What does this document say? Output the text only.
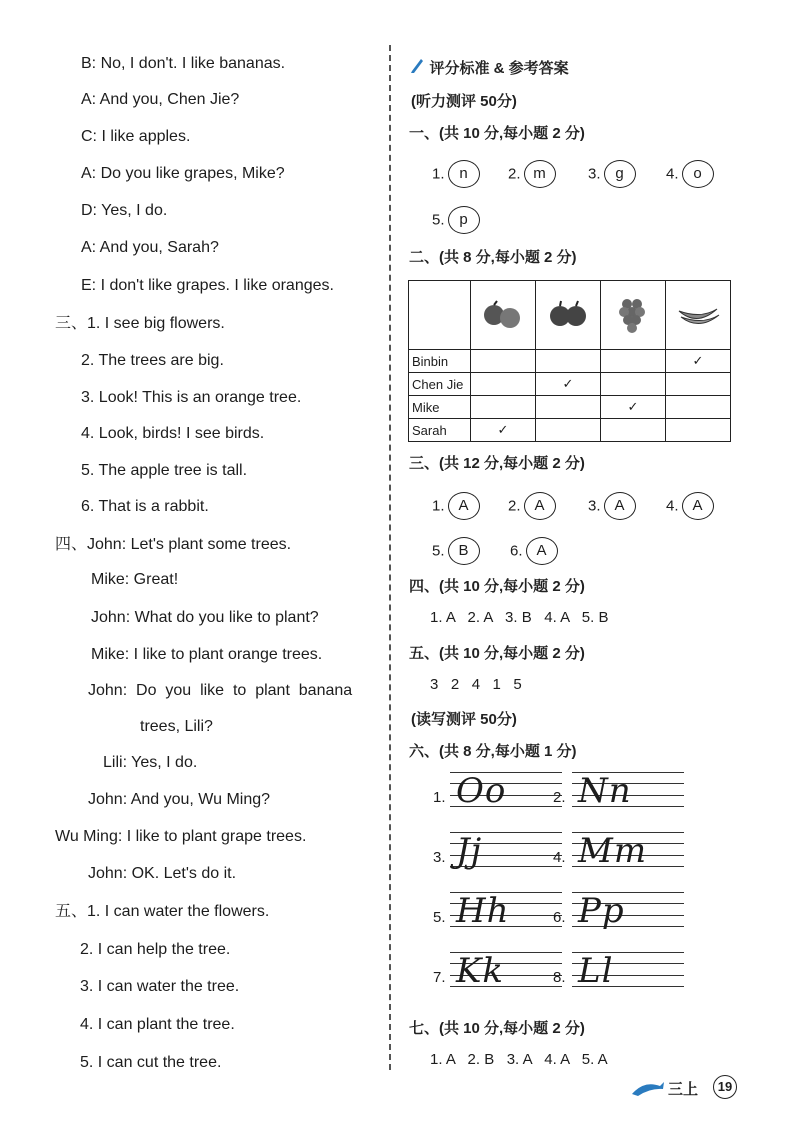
B: No, I don't. I like bananas.
A: And you, Chen Jie?
C: I like apples.
A: Do you like grapes, Mike?
D: Yes, I do.
A: And you, Sarah?
E: I don't like grapes. I like oranges.
三、1. I see big flowers.
2. The trees are big.
3. Look! This is an orange tree.
4. Look, birds! I see birds.
5. The apple tree is tall.
6. That is a rabbit.
四、John: Let's plant some trees.
Mike: Great!
John: What do you like to plant?
Mike: I like to plant orange trees.
John:  Do  you  like  to  plant  banana
trees, Lili?
Lili: Yes, I do.
John: And you, Wu Ming?
Wu Ming: I like to plant grape trees.
John: OK. Let's do it.
五、1. I can water the flowers.
2. I can help the tree.
3. I can water the tree.
4. I can plant the tree.
5. I can cut the tree.
评分标准 & 参考答案
(听力测评 50分)
一、(共 10 分,每小题 2 分)
1. n	2. m	3. g	4. o
5. p
二、(共 8 分,每小题 2 分)

Binbin				✓
Chen Jie		✓		
Mike			✓	
Sarah	✓			
三、(共 12 分,每小题 2 分)
1. A	2. A	3. A	4. A
5. B	6. A
四、(共 10 分,每小题 2 分)
1. A   2. A   3. B   4. A   5. B
五、(共 10 分,每小题 2 分)
3   2   4   1   5
(读写测评 50分)
六、(共 8 分,每小题 1 分)
1. Oo	2. Nn
3. Jj	4. Mm
5. Hh	6. Pp
7. Kk	8. Ll
七、(共 10 分,每小题 2 分)
1. A   2. B   3. A   4. A   5. A
三上	19
